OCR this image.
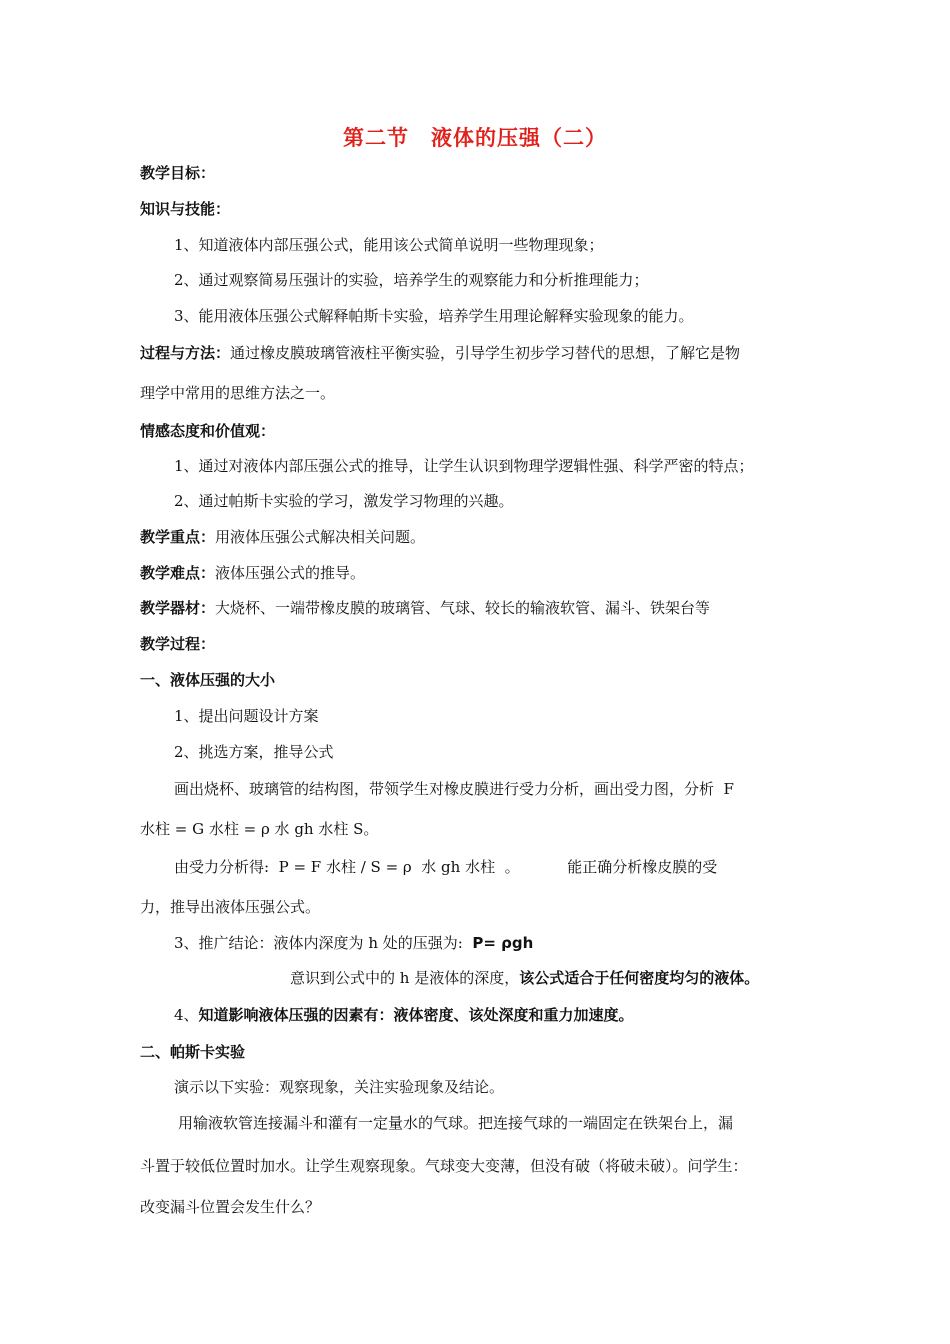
第二节　液体的压强（二）
教学目标：
知识与技能：
1、知道液体内部压强公式，能用该公式简单说明一些物理现象；
2、通过观察简易压强计的实验，培养学生的观察能力和分析推理能力；
3、能用液体压强公式解释帕斯卡实验，培养学生用理论解释实验现象的能力。
过程与方法：通过橡皮膜玻璃管液柱平衡实验，引导学生初步学习替代的思想，了解它是物
理学中常用的思维方法之一。
情感态度和价值观：
1、通过对液体内部压强公式的推导，让学生认识到物理学逻辑性强、科学严密的特点；
2、通过帕斯卡实验的学习，激发学习物理的兴趣。
教学重点：用液体压强公式解决相关问题。
教学难点：液体压强公式的推导。
教学器材：大烧杯、一端带橡皮膜的玻璃管、气球、较长的输液软管、漏斗、铁架台等
教学过程：
一、液体压强的大小
1、提出问题设计方案
2、挑选方案，推导公式
画出烧杯、玻璃管的结构图，带领学生对橡皮膜进行受力分析，画出受力图，分析  F
水柱 = G 水柱 = ρ 水 gh 水柱 S。
由受力分析得:  P = F 水柱 / S = ρ  水 gh 水柱  。          能正确分析橡皮膜的受
力，推导出液体压强公式。
3、推广结论：液体内深度为 h 处的压强为:  P= ρgh
意识到公式中的 h 是液体的深度，该公式适合于任何密度均匀的液体。
4、知道影响液体压强的因素有：液体密度、该处深度和重力加速度。
二、帕斯卡实验
演示以下实验：观察现象，关注实验现象及结论。
用输液软管连接漏斗和灌有一定量水的气球。把连接气球的一端固定在铁架台上，漏
斗置于较低位置时加水。让学生观察现象。气球变大变薄，但没有破（将破未破）。问学生：
改变漏斗位置会发生什么？
